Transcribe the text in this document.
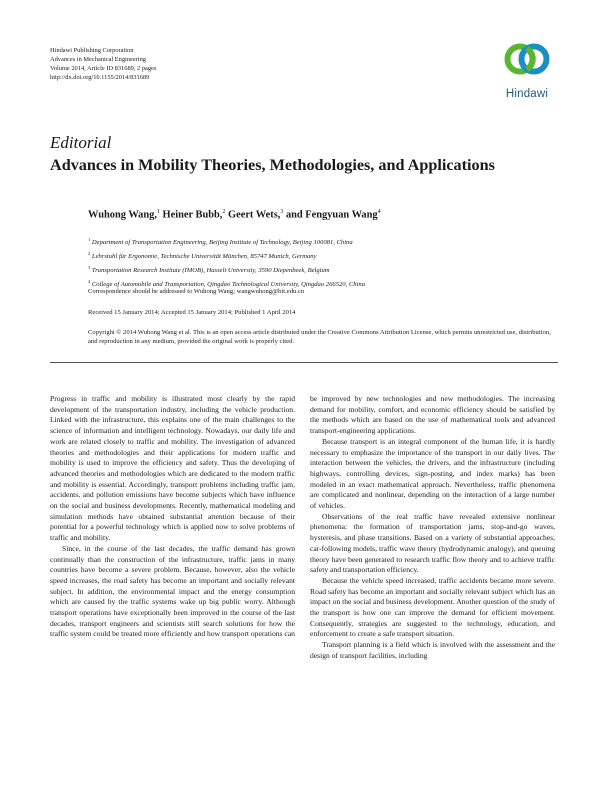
Hindawi Publishing Corporation
Advances in Mechanical Engineering
Volume 2014, Article ID 831689, 2 pages
http://dx.doi.org/10.1155/2014/831689
Hindawi
Editorial
Advances in Mobility Theories, Methodologies, and Applications
Wuhong Wang,$^1$ Heiner Bubb,$^2$ Geert Wets,$^3$ and Fengyuan Wang$^4$
$^1$ Department of Transportation Engineering, Beijing Institute of Technology, Beijing 100081, China
$^2$ Lehrstuhl für Ergonomie, Technische Universität München, 85747 Munich, Germany
$^3$ Transportation Research Institute (IMOB), Hasselt University, 3590 Diepenbeek, Belgium
$^4$ College of Automobile and Transportation, Qingdao Technological University, Qingdao 266520, China
Correspondence should be addressed to Wuhong Wang; wangwuhong@bit.edu.cn
Received 15 January 2014; Accepted 15 January 2014; Published 1 April 2014
Copyright © 2014 Wuhong Wang et al. This is an open access article distributed under the Creative Commons Attribution License, which permits unrestricted use, distribution, and reproduction in any medium, provided the original work is properly cited.

Progress in traffic and mobility is illustrated most clearly by the rapid development of the transportation industry, including the vehicle production. Linked with the infrastructure, this explains one of the main challenges to the science of information and intelligent technology. Nowadays, our daily life and work are related closely to traffic and mobility. The investigation of advanced theories and methodologies and their applications for modern traffic and mobility is used to improve the efficiency and safety. Thus the developing of advanced theories and methodologies which are dedicated to the modern traffic and mobility is essential. Accordingly, transport problems including traffic jam, accidents, and pollution emissions have become subjects which have influence on the social and business developments. Recently, mathematical modeling and simulation methods have obtained substantial attention because of their potential for a powerful technology which is applied now to solve problems of traffic and mobility.

Since, in the course of the last decades, the traffic demand has grown continually than the construction of the infrastructure, traffic jams in many countries have become a severe problem. Because, however, also the vehicle speed increases, the road safety has become an important and socially relevant subject. In addition, the environmental impact and the energy consumption which are caused by the traffic systems wake up big public worry. Although transport operations have exceptionally been improved in the course of the last decades, transport engineers and scientists still search solutions for how the traffic system could be treated more efficiently and how transport operations can

be improved by new technologies and new methodologies. The increasing demand for mobility, comfort, and economic efficiency should be satisfied by the methods which are based on the use of mathematical tools and advanced transport-engineering applications.

Because transport is an integral component of the human life, it is hardly necessary to emphasize the importance of the transport in our daily lives. The interaction between the vehicles, the drivers, and the infrastructure (including highways, controlling devices, sign-posting, and index marks) has been modeled in an exact mathematical approach. Nevertheless, traffic phenomena are complicated and nonlinear, depending on the interaction of a large number of vehicles.

Observations of the real traffic have revealed extensive nonlinear phenomena: the formation of transportation jams, stop-and-go waves, hysteresis, and phase transitions. Based on a variety of substantial approaches, car-following models, traffic wave theory (hydrodynamic analogy), and queuing theory have been generated to research traffic flow theory and to achieve traffic safety and transportation efficiency.

Because the vehicle speed increased, traffic accidents became more severe. Road safety has become an important and socially relevant subject which has an impact on the social and business development. Another question of the study of the transport is how one can improve the demand for efficient movement. Consequently, strategies are suggested to the technology, education, and enforcement to create a safe transport situation.

Transport planning is a field which is involved with the assessment and the design of transport facilities, including
